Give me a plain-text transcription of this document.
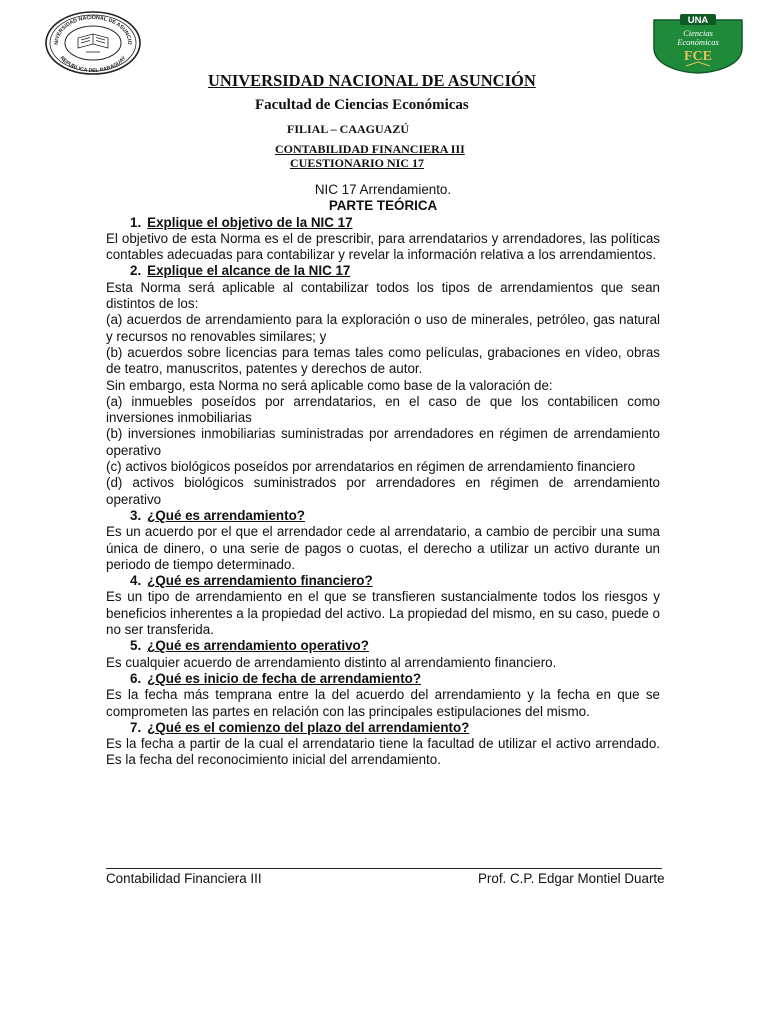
NIVERSIDAD NACIONAL DE ASUNCIO
REPUBLICA DEL PARAGUAY
UNA
Ciencias
Económicas
FCE
UNIVERSIDAD NACIONAL DE ASUNCIÓN
Facultad de Ciencias Económicas
FILIAL – CAAGUAZÚ
CONTABILIDAD FINANCIERA III
CUESTIONARIO NIC 17
NIC 17 Arrendamiento.
PARTE TEÓRICA
1. Explique el objetivo de la NIC 17
El objetivo de esta Norma es el de prescribir, para arrendatarios y arrendadores, las políticas contables adecuadas para contabilizar y revelar la información relativa a los arrendamientos.
2. Explique el alcance de la NIC 17
Esta Norma será aplicable al contabilizar todos los tipos de arrendamientos que sean distintos de los:
(a) acuerdos de arrendamiento para la exploración o uso de minerales, petróleo, gas natural y recursos no renovables similares; y
(b) acuerdos sobre licencias para temas tales como películas, grabaciones en vídeo, obras de teatro, manuscritos, patentes y derechos de autor.
Sin embargo, esta Norma no será aplicable como base de la valoración de:
(a) inmuebles poseídos por arrendatarios, en el caso de que los contabilicen como inversiones inmobiliarias
(b) inversiones inmobiliarias suministradas por arrendadores en régimen de arrendamiento operativo
(c) activos biológicos poseídos por arrendatarios en régimen de arrendamiento financiero
(d) activos biológicos suministrados por arrendadores en régimen de arrendamiento operativo
3. ¿Qué es arrendamiento?
Es un acuerdo por el que el arrendador cede al arrendatario, a cambio de percibir una suma única de dinero, o una serie de pagos o cuotas, el derecho a utilizar un activo durante un periodo de tiempo determinado.
4. ¿Qué es arrendamiento financiero?
Es un tipo de arrendamiento en el que se transfieren sustancialmente todos los riesgos y beneficios inherentes a la propiedad del activo. La propiedad del mismo, en su caso, puede o no ser transferida.
5. ¿Qué es arrendamiento operativo?
Es cualquier acuerdo de arrendamiento distinto al arrendamiento financiero.
6. ¿Qué es inicio de fecha de arrendamiento?
Es la fecha más temprana entre la del acuerdo del arrendamiento y la fecha en que se comprometen las partes en relación con las principales estipulaciones del mismo.
7. ¿Qué es el comienzo del plazo del arrendamiento?
Es la fecha a partir de la cual el arrendatario tiene la facultad de utilizar el activo arrendado. Es la fecha del reconocimiento inicial del arrendamiento.
Contabilidad Financiera III	Prof. C.P. Edgar Montiel Duarte
